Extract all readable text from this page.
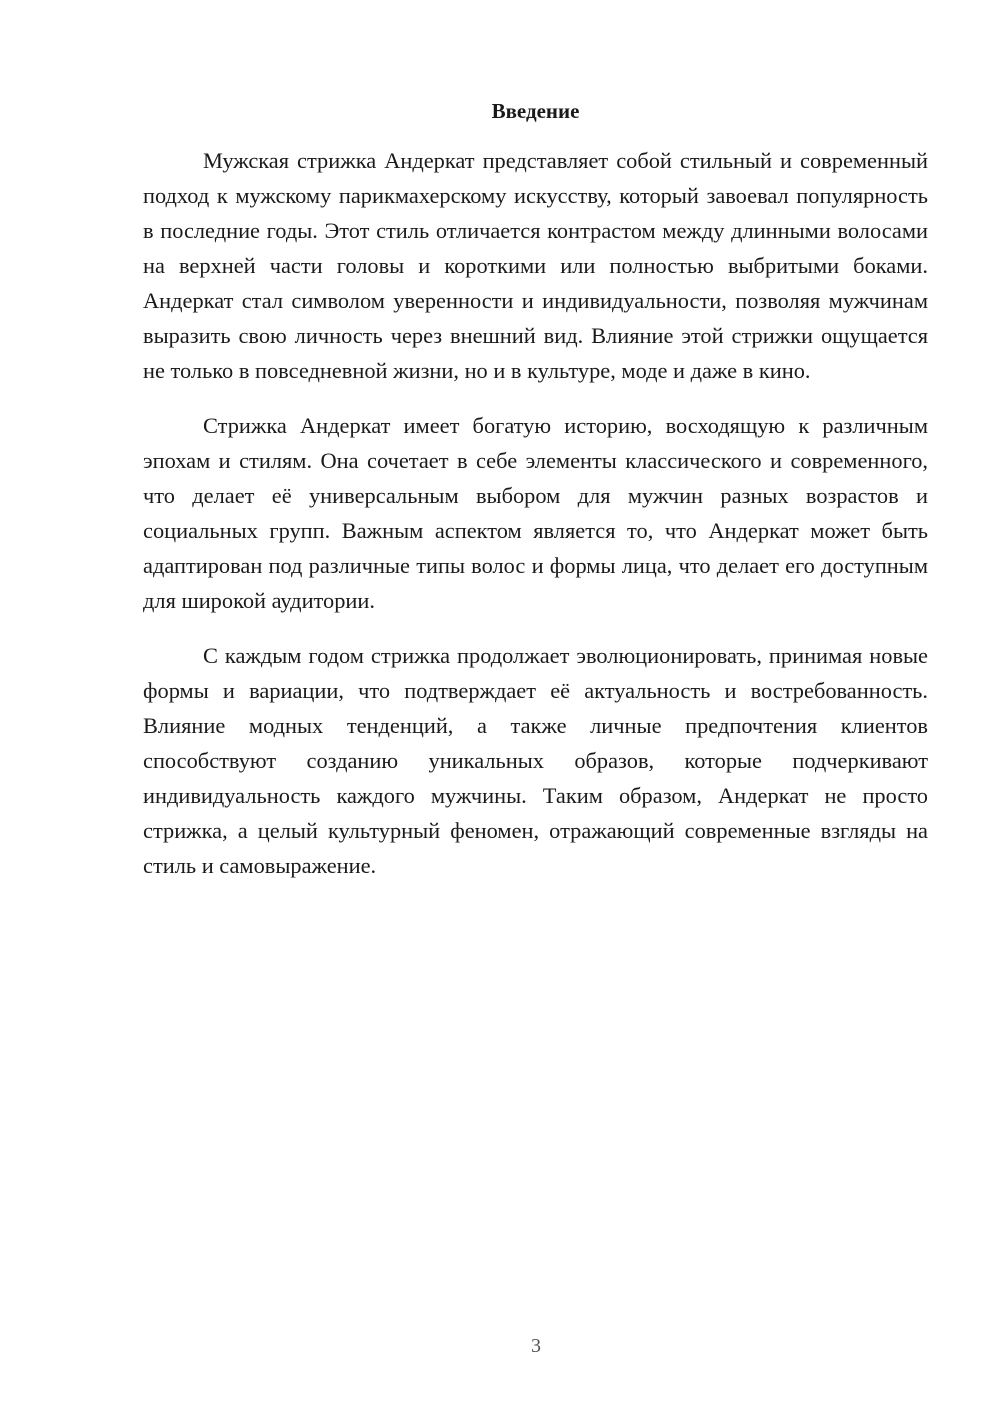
Введение

Мужская стрижка Андеркат представляет собой стильный и современный подход к мужскому парикмахерскому искусству, который завоевал популярность в последние годы. Этот стиль отличается контрастом между длинными волосами на верхней части головы и короткими или полностью выбритыми боками. Андеркат стал символом уверенности и индивидуальности, позволяя мужчинам выразить свою личность через внешний вид. Влияние этой стрижки ощущается не только в повседневной жизни, но и в культуре, моде и даже в кино.

Стрижка Андеркат имеет богатую историю, восходящую к различным эпохам и стилям. Она сочетает в себе элементы классического и современного, что делает её универсальным выбором для мужчин разных возрастов и социальных групп. Важным аспектом является то, что Андеркат может быть адаптирован под различные типы волос и формы лица, что делает его доступным для широкой аудитории.

С каждым годом стрижка продолжает эволюционировать, принимая новые формы и вариации, что подтверждает её актуальность и востребованность. Влияние модных тенденций, а также личные предпочтения клиентов способствуют созданию уникальных образов, которые подчеркивают индивидуальность каждого мужчины. Таким образом, Андеркат не просто стрижка, а целый культурный феномен, отражающий современные взгляды на стиль и самовыражение.

3
